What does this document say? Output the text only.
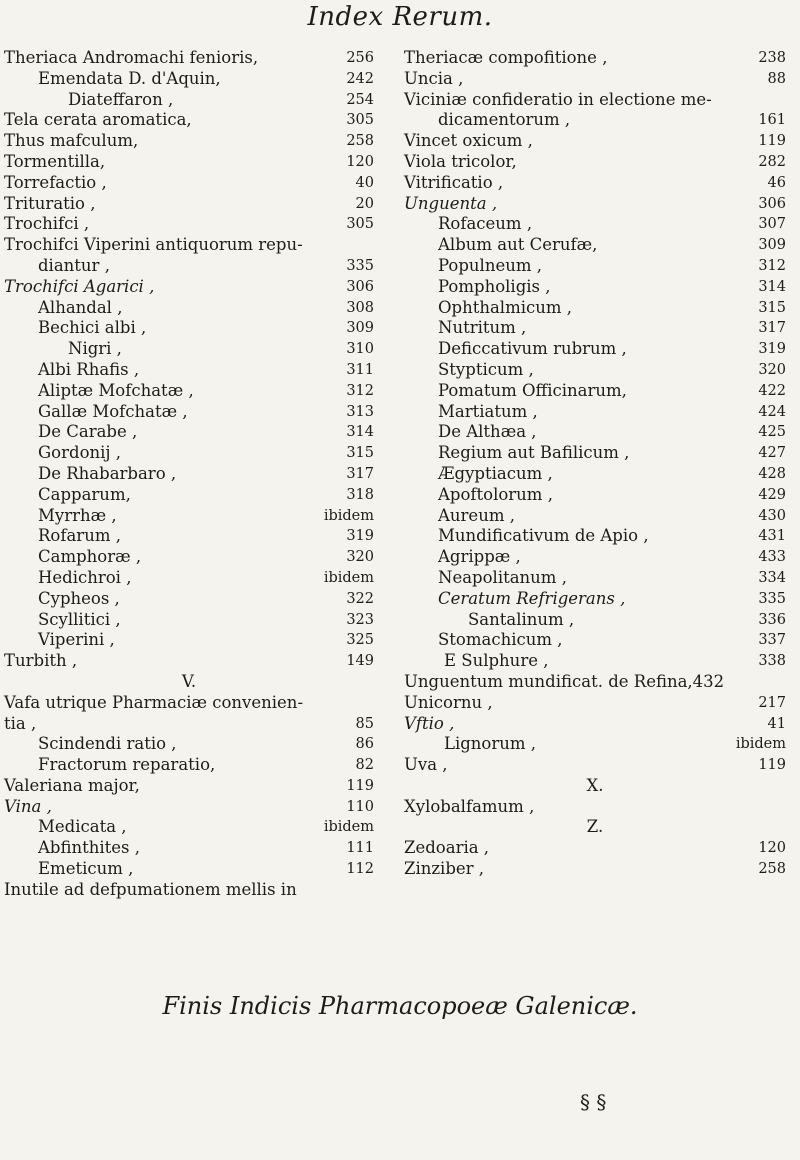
Index Rerum.
Theriaca Andromachi fenioris,	256
Emendata D. d'Aquin,	242
Diateffaron ,	254
Tela cerata aromatica,	305
Thus mafculum,	258
Tormentilla,	120
Torrefactio ,	40
Trituratio ,	20
Trochifci ,	305
Trochifci Viperini antiquorum repu-
diantur ,	335
Trochifci Agarici ,	306
Alhandal ,	308
Bechici albi ,	309
Nigri ,	310
Albi Rhafis ,	311
Aliptæ Mofchatæ ,	312
Gallæ Mofchatæ ,	313
De Carabe ,	314
Gordonij ,	315
De Rhabarbaro ,	317
Capparum,	318
Myrrhæ ,	ibidem
Rofarum ,	319
Camphoræ ,	320
Hedichroi ,	ibidem
Cypheos ,	322
Scyllitici ,	323
Viperini ,	325
Turbith ,	149
V.
Vafa utrique Pharmaciæ convenien-
tia ,	85
Scindendi ratio ,	86
Fractorum reparatio,	82
Valeriana major,	119
Vina ,	110
Medicata ,	ibidem
Abfinthites ,	111
Emeticum ,	112
Inutile ad defpumationem mellis in
Theriacæ compofitione ,	238
Uncia ,	88
Viciniæ confideratio in electione me-
dicamentorum ,	161
Vincet oxicum ,	119
Viola tricolor,	282
Vitrificatio ,	46
Unguenta ,	306
Rofaceum ,	307
Album aut Cerufæ,	309
Populneum ,	312
Pompholigis ,	314
Ophthalmicum ,	315
Nutritum ,	317
Deficcativum rubrum ,	319
Stypticum ,	320
Pomatum Officinarum,	422
Martiatum ,	424
De Althæa ,	425
Regium aut Bafilicum ,	427
Ægyptiacum ,	428
Apoftolorum ,	429
Aureum ,	430
Mundificativum de Apio ,	431
Agrippæ ,	433
Neapolitanum ,	334
Ceratum Refrigerans ,	335
Santalinum ,	336
Stomachicum ,	337
E Sulphure ,	338
Unguentum mundificat. de Refina,432
Unicornu ,	217
Vftio ,	41
Lignorum ,	ibidem
Uva ,	119
X.
Xylobalfamum ,
Z.
Zedoaria ,	120
Zinziber ,	258
Finis Indicis Pharmacopoeæ Galenicæ.
§ §
